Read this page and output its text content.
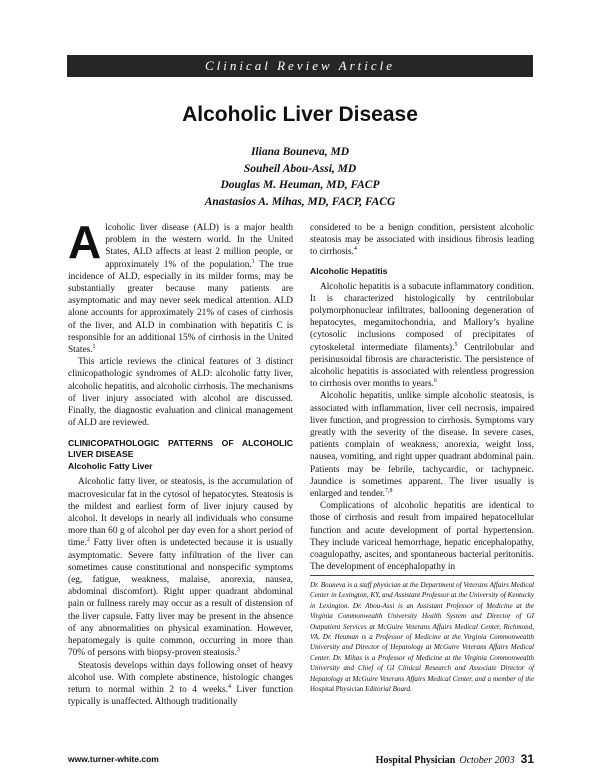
Clinical Review Article
Alcoholic Liver Disease
Iliana Bouneva, MD
Souheil Abou-Assi, MD
Douglas M. Heuman, MD, FACP
Anastasios A. Mihas, MD, FACP, FACG

Alcoholic liver disease (ALD) is a major health problem in the western world. In the United States, ALD affects at least 2 million people, or approximately 1% of the population.$^1$ The true incidence of ALD, especially in its milder forms, may be substantially greater because many patients are asymptomatic and may never seek medical attention. ALD alone accounts for approximately 21% of cases of cirrhosis of the liver, and ALD in combination with hepatitis C is responsible for an additional 15% of cirrhosis in the United States.$^1$

This article reviews the clinical features of 3 distinct clinicopathologic syndromes of ALD: alcoholic fatty liver, alcoholic hepatitis, and alcoholic cirrhosis. The mechanisms of liver injury associated with alcohol are discussed. Finally, the diagnostic evaluation and clinical management of ALD are reviewed.

CLINICOPATHOLOGIC PATTERNS OF ALCOHOLIC LIVER DISEASE
Alcoholic Fatty Liver

Alcoholic fatty liver, or steatosis, is the accumulation of macrovesicular fat in the cytosol of hepatocytes. Steatosis is the mildest and earliest form of liver injury caused by alcohol. It develops in nearly all individuals who consume more than 60 g of alcohol per day even for a short period of time.$^2$ Fatty liver often is undetected because it is usually asymptomatic. Severe fatty infiltration of the liver can sometimes cause constitutional and nonspecific symptoms (eg, fatigue, weakness, malaise, anorexia, nausea, abdominal discomfort). Right upper quadrant abdominal pain or fullness rarely may occur as a result of distension of the liver capsule. Fatty liver may be present in the absence of any abnormalities on physical examination. However, hepatomegaly is quite common, occurring in more than 70% of persons with biopsy-proven steatosis.$^3$

Steatosis develops within days following onset of heavy alcohol use. With complete abstinence, histologic changes return to normal within 2 to 4 weeks.$^4$ Liver function typically is unaffected. Although traditionally

considered to be a benign condition, persistent alcoholic steatosis may be associated with insidious fibrosis leading to cirrhosis.$^4$

Alcoholic Hepatitis

Alcoholic hepatitis is a subacute inflammatory condition. It is characterized histologically by centrilobular polymorphonuclear infiltrates, ballooning degeneration of hepatocytes, megamitochondria, and Mallory’s hyaline (cytosolic inclusions composed of precipitates of cytoskeletal intermediate filaments).$^5$ Centrilobular and perisinusoidal fibrosis are characteristic. The persistence of alcoholic hepatitis is associated with relentless progression to cirrhosis over months to years.$^6$

Alcoholic hepatitis, unlike simple alcoholic steatosis, is associated with inflammation, liver cell necrosis, impaired liver function, and progression to cirrhosis. Symptoms vary greatly with the severity of the disease. In severe cases, patients complain of weakness, anorexia, weight loss, nausea, vomiting, and right upper quadrant abdominal pain. Patients may be febrile, tachycardic, or tachypneic. Jaundice is sometimes apparent. The liver usually is enlarged and tender.$^{7,8}$

Complications of alcoholic hepatitis are identical to those of cirrhosis and result from impaired hepatocellular function and acute development of portal hypertension. They include variceal hemorrhage, hepatic encephalopathy, coagulopathy, ascites, and spontaneous bacterial peritonitis. The development of encephalopathy in

Dr. Bouneva is a staff physician at the Department of Veterans Affairs Medical Center in Lexington, KY, and Assistant Professor at the University of Kentucky in Lexington. Dr. Abou-Assi is an Assistant Professor of Medicine at the Virginia Commonwealth University Health System and Director of GI Outpatient Services at McGuire Veterans Affairs Medical Center, Richmond, VA. Dr. Heuman is a Professor of Medicine at the Virginia Commonwealth University and Director of Hepatology at McGuire Veterans Affairs Medical Center. Dr. Mihas is a Professor of Medicine at the Virginia Commonwealth University and Chief of GI Clinical Research and Associate Director of Hepatology at McGuire Veterans Affairs Medical Center, and a member of the Hospital Physician Editorial Board.
www.turner-white.com	Hospital Physician October 2003 31
